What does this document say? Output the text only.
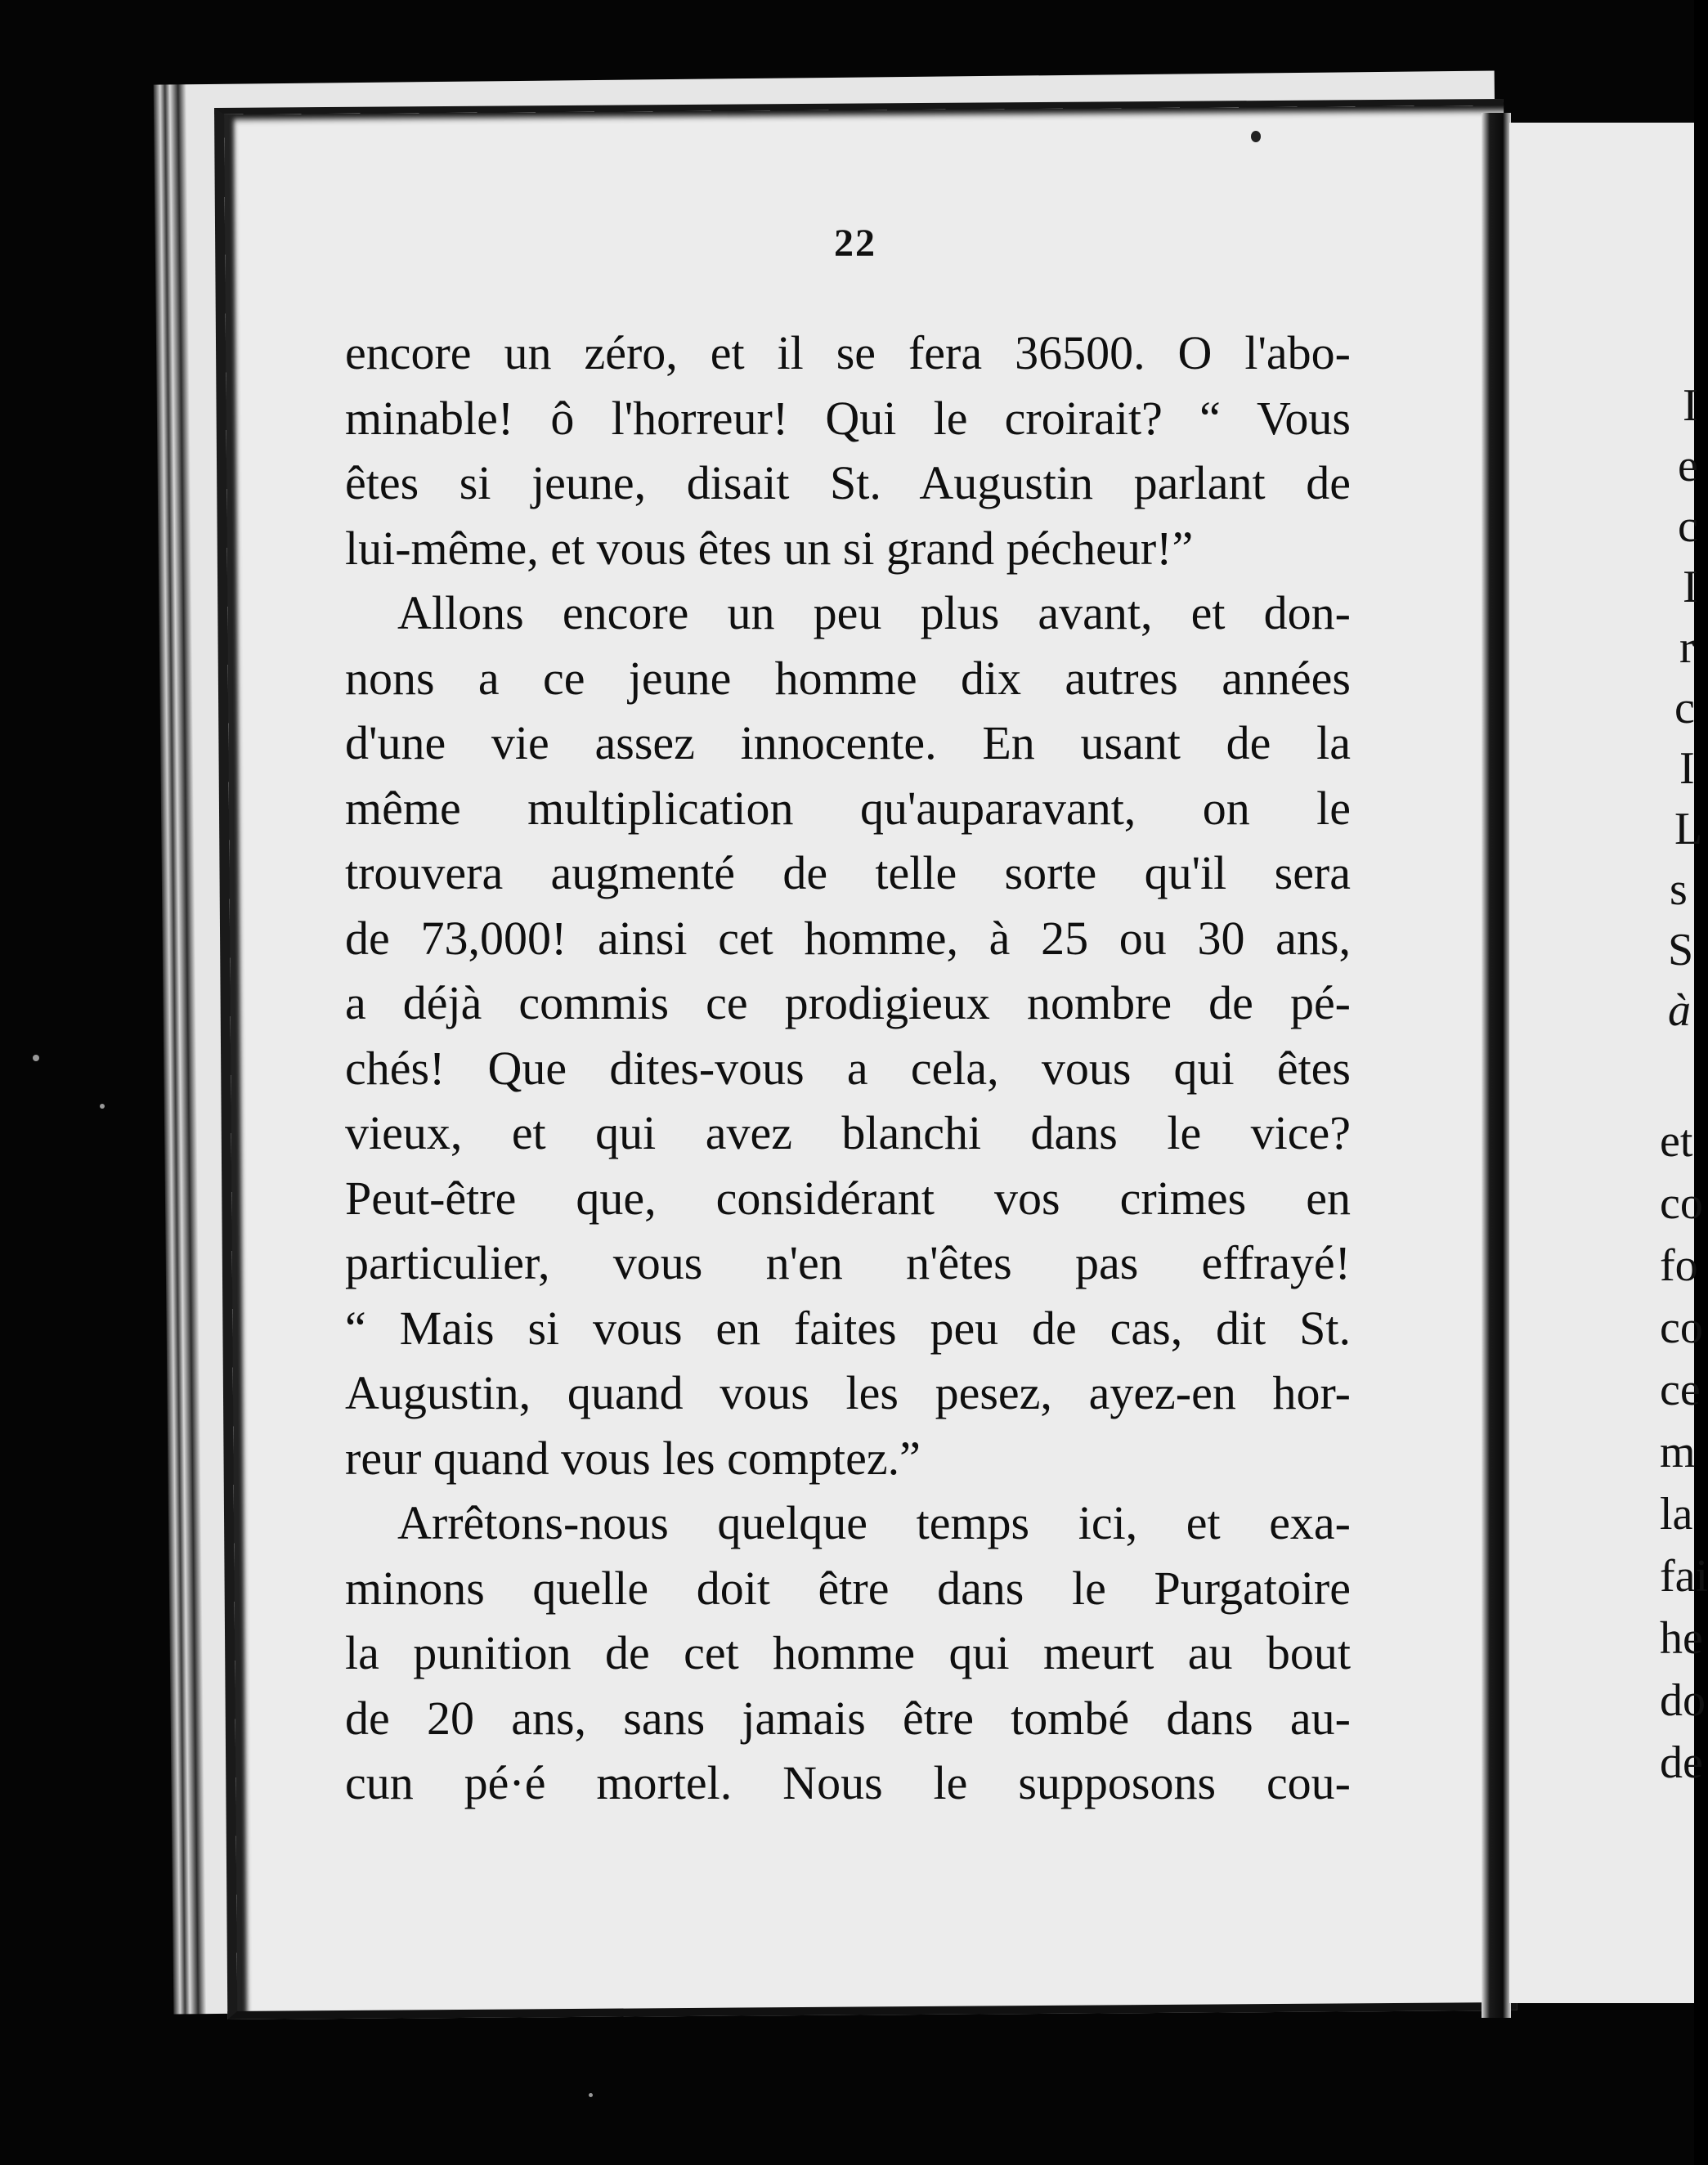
I
e
c
I
r
c
I
L
s
S
à
et
co
fo
co
ce
m
la
fai
he
do
de
22
encore un zéro, et il se fera 36500. O l'abo-
minable! ô l'horreur! Qui le croirait? “ Vous
êtes si jeune, disait St. Augustin parlant de
lui-même, et vous êtes un si grand pécheur!”
Allons encore un peu plus avant, et don-
nons a ce jeune homme dix autres années
d'une vie assez innocente. En usant de la
même multiplication qu'auparavant, on le
trouvera augmenté de telle sorte qu'il sera
de 73,000! ainsi cet homme, à 25 ou 30 ans,
a déjà commis ce prodigieux nombre de pé-
chés! Que dites-vous a cela, vous qui êtes
vieux, et qui avez blanchi dans le vice?
Peut-être que, considérant vos crimes en
particulier, vous n'en n'êtes pas effrayé!
“ Mais si vous en faites peu de cas, dit St.
Augustin, quand vous les pesez, ayez-en hor-
reur quand vous les comptez.”
Arrêtons-nous quelque temps ici, et exa-
minons quelle doit être dans le Purgatoire
la punition de cet homme qui meurt au bout
de 20 ans, sans jamais être tombé dans au-
cun pé·é mortel. Nous le supposons cou-
